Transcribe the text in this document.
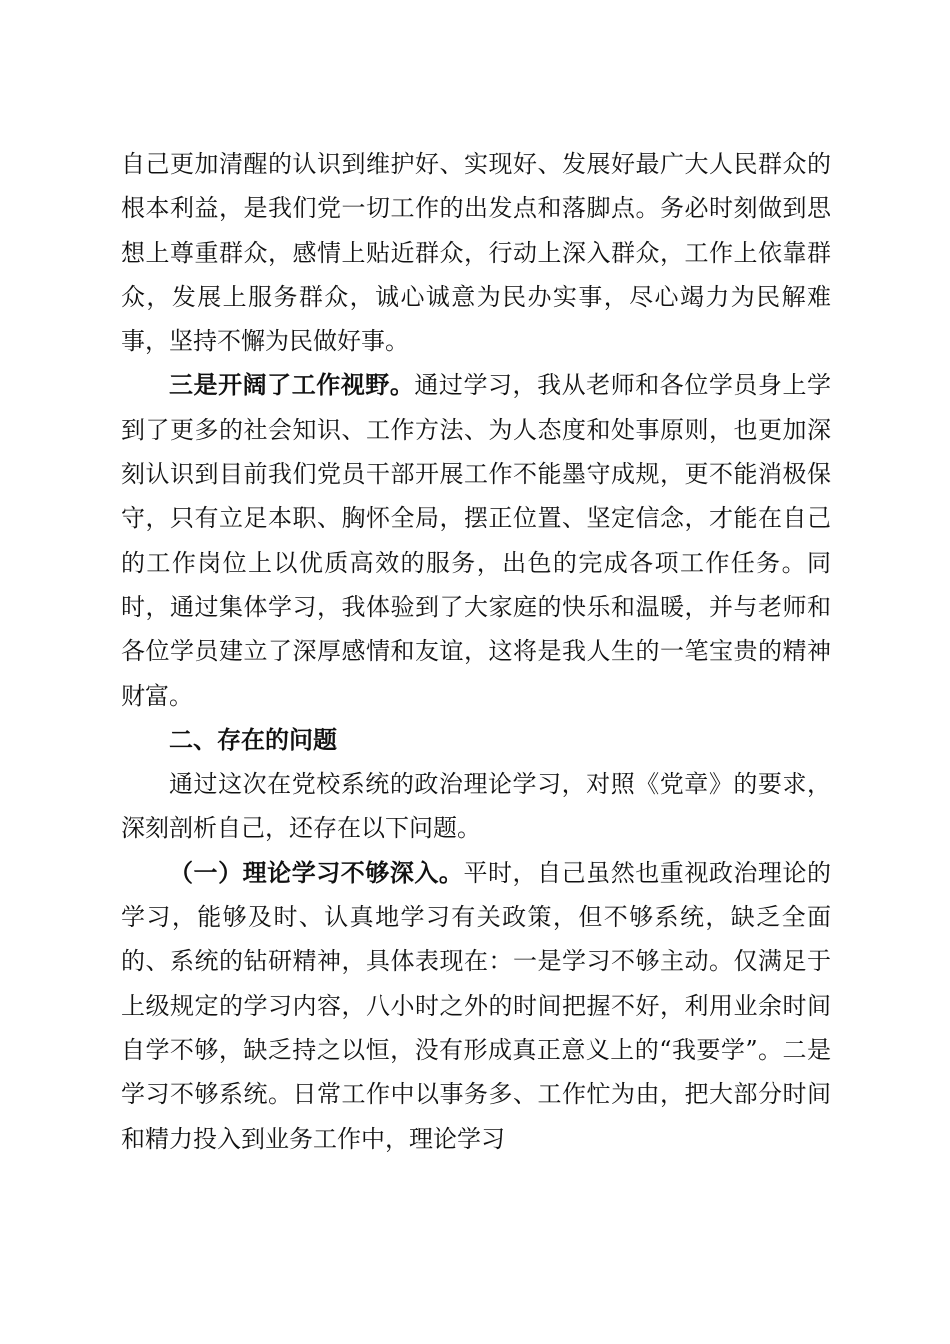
自己更加清醒的认识到维护好、实现好、发展好最广大人民群众的根本利益，是我们党一切工作的出发点和落脚点。务必时刻做到思想上尊重群众，感情上贴近群众，行动上深入群众，工作上依靠群众，发展上服务群众，诚心诚意为民办实事，尽心竭力为民解难事，坚持不懈为民做好事。

三是开阔了工作视野。通过学习，我从老师和各位学员身上学到了更多的社会知识、工作方法、为人态度和处事原则，也更加深刻认识到目前我们党员干部开展工作不能墨守成规，更不能消极保守，只有立足本职、胸怀全局，摆正位置、坚定信念，才能在自己的工作岗位上以优质高效的服务，出色的完成各项工作任务。同时，通过集体学习，我体验到了大家庭的快乐和温暖，并与老师和各位学员建立了深厚感情和友谊，这将是我人生的一笔宝贵的精神财富。

二、存在的问题

通过这次在党校系统的政治理论学习，对照《党章》的要求，深刻剖析自己，还存在以下问题。

（一）理论学习不够深入。平时，自己虽然也重视政治理论的学习，能够及时、认真地学习有关政策，但不够系统，缺乏全面的、系统的钻研精神，具体表现在：一是学习不够主动。仅满足于上级规定的学习内容，八小时之外的时间把握不好，利用业余时间自学不够，缺乏持之以恒，没有形成真正意义上的“我要学”。二是学习不够系统。日常工作中以事务多、工作忙为由，把大部分时间和精力投入到业务工作中，理论学习
